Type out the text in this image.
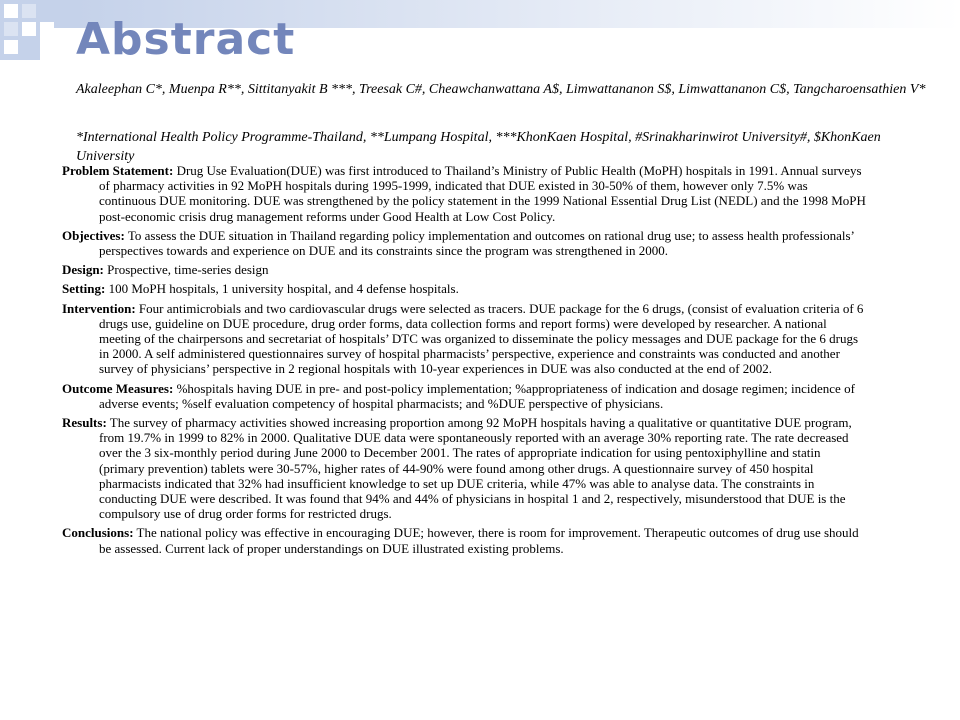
Abstract
Akaleephan C*, Muenpa R**, Sittitanyakit B ***, Treesak C#, Cheawchanwattana A$, Limwattananon S$, Limwattananon C$, Tangcharoensathien V*
*International Health Policy Programme-Thailand, **Lumpang Hospital, ***KhonKaen Hospital, #Srinakharinwirot University#, $KhonKaen University

Problem Statement: Drug Use Evaluation(DUE) was first introduced to Thailand’s Ministry of Public Health (MoPH) hospitals in 1991. Annual surveys of pharmacy activities in 92 MoPH hospitals during 1995-1999, indicated that DUE existed in 30-50% of them, however only 7.5% was continuous DUE monitoring. DUE was strengthened by the policy statement in the 1999 National Essential Drug List (NEDL) and the 1998 MoPH post-economic crisis drug management reforms under Good Health at Low Cost Policy.

Objectives: To assess the DUE situation in Thailand regarding policy implementation and outcomes on rational drug use; to assess health professionals’ perspectives towards and experience on DUE and its constraints since the program was strengthened in 2000.

Design: Prospective, time-series design

Setting: 100 MoPH hospitals, 1 university hospital, and 4 defense hospitals.

Intervention: Four antimicrobials and two cardiovascular drugs were selected as tracers. DUE package for the 6 drugs, (consist of evaluation criteria of 6 drugs use, guideline on DUE procedure, drug order forms, data collection forms and report forms) were developed by researcher. A national meeting of the chairpersons and secretariat of hospitals’ DTC was organized to disseminate the policy messages and DUE package for the 6 drugs in 2000. A self administered questionnaires survey of hospital pharmacists’ perspective, experience and constraints was conducted and another survey of physicians’ perspective in 2 regional hospitals with 10-year experiences in DUE was also conducted at the end of 2002.

Outcome Measures: %hospitals having DUE in pre- and post-policy implementation; %appropriateness of indication and dosage regimen; incidence of adverse events; %self evaluation competency of hospital pharmacists; and %DUE perspective of physicians.

Results: The survey of pharmacy activities showed increasing proportion among 92 MoPH hospitals having a qualitative or quantitative DUE program, from 19.7% in 1999 to 82% in 2000. Qualitative DUE data were spontaneously reported with an average 30% reporting rate. The rate decreased over the 3 six-monthly period during June 2000 to December 2001. The rates of appropriate indication for using pentoxiphylline and statin (primary prevention) tablets were 30-57%, higher rates of 44-90% were found among other drugs. A questionnaire survey of 450 hospital pharmacists indicated that 32% had insufficient knowledge to set up DUE criteria, while 47% was able to analyse data. The constraints in conducting DUE were described. It was found that 94% and 44% of physicians in hospital 1 and 2, respectively, misunderstood that DUE is the compulsory use of drug order forms for restricted drugs.

Conclusions: The national policy was effective in encouraging DUE; however, there is room for improvement. Therapeutic outcomes of drug use should be assessed. Current lack of proper understandings on DUE illustrated existing problems.
